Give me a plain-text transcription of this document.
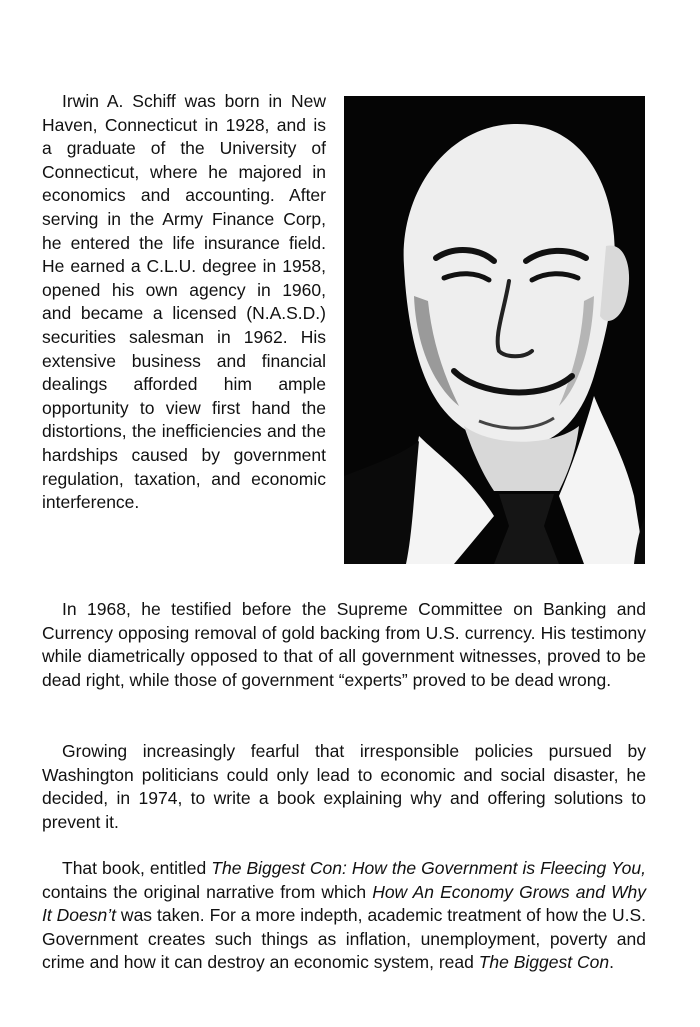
Irwin A. Schiff was born in New Haven, Connecticut in 1928, and is a graduate of the University of Connecticut, where he majored in economics and accounting. After serving in the Army Finance Corp, he entered the life insurance field. He earned a C.L.U. degree in 1958, opened his own agency in 1960, and became a licensed (N.A.S.D.) securities salesman in 1962. His extensive business and financial dealings afforded him ample opportunity to view first hand the distortions, the inefficiencies and the hardships caused by government regulation, taxation, and economic interference.

In 1968, he testified before the Supreme Committee on Banking and Currency opposing removal of gold backing from U.S. currency. His testimony while diametrically opposed to that of all government witnesses, proved to be dead right, while those of government “experts” proved to be dead wrong.

Growing increasingly fearful that irresponsible policies pursued by Washington politicians could only lead to economic and social disaster, he decided, in 1974, to write a book explaining why and offering solutions to prevent it.

That book, entitled The Biggest Con: How the Government is Fleecing You, contains the original narrative from which How An Economy Grows and Why It Doesn’t was taken. For a more indepth, academic treatment of how the U.S. Government creates such things as inflation, unemployment, poverty and crime and how it can destroy an economic system, read The Biggest Con.
